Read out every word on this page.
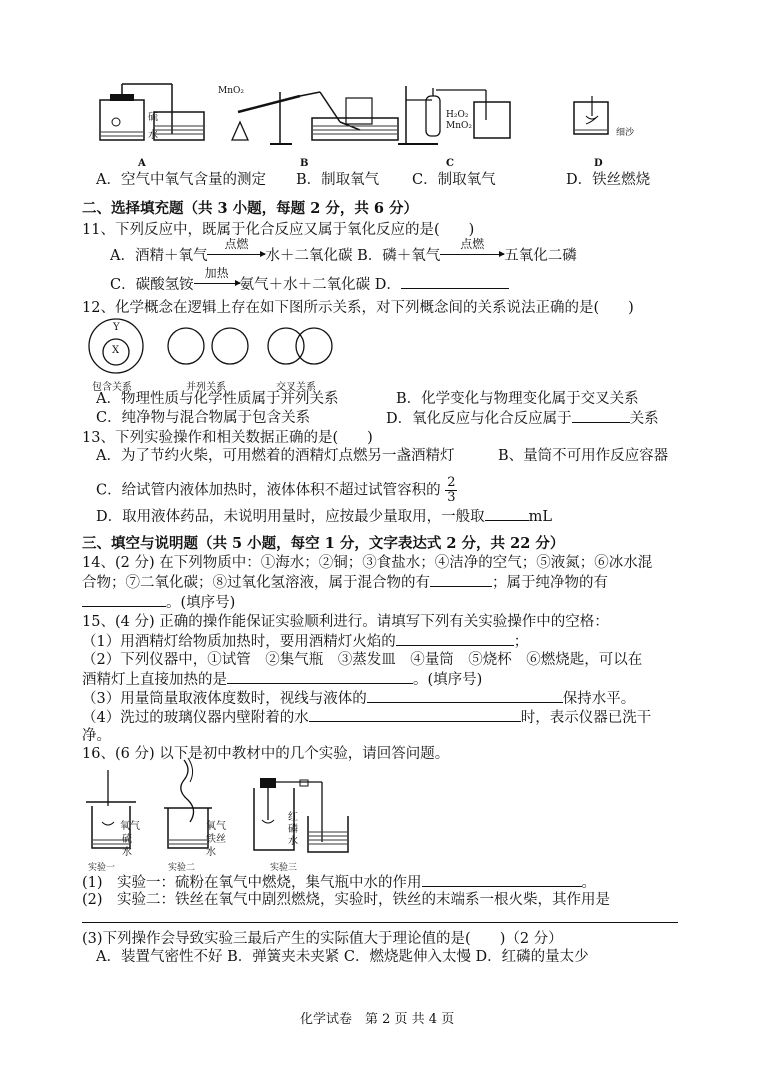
硫
水
MnO₂
H₂O₂
MnO₂
细沙
A	B	C	D
A．空气中氧气含量的测定 B．制取氧气 C．制取氧气	D．铁丝燃烧
二、选择填充题（共 3 小题，每题 2 分，共 6 分）
11、下列反应中，既属于化合反应又属于氧化反应的是(　　)
A．酒精＋氧气
点燃
水＋二氧化碳 B．磷＋氧气
点燃
五氧化二磷
C．碳酸氢铵
加热
氨气＋水＋二氧化碳 D．
12、化学概念在逻辑上存在如下图所示关系，对下列概念间的关系说法正确的是(　　)
Y
X
包含关系	并列关系	交叉关系
A．物理性质与化学性质属于并列关系	B．化学变化与物理变化属于交叉关系
C．纯净物与混合物属于包含关系	D．氧化反应与化合反应属于	关系
13、下列实验操作和相关数据正确的是(　　)
A．为了节约火柴，可用燃着的酒精灯点燃另一盏酒精灯	B、量筒不可用作反应容器
C．给试管内液体加热时，液体体积不超过试管容积的 $\frac{2}{3}$
D．取用液体药品，未说明用量时，应按最少量取用，一般取	mL
三、填空与说明题（共 5 小题，每空 1 分，文字表达式 2 分，共 22 分）
14、(2 分) 在下列物质中：①海水；②铜；③食盐水；④洁净的空气；⑤液氮；⑥冰水混
合物；⑦二氧化碳；⑧过氧化氢溶液，属于混合物的有	；属于纯净物的有
。(填序号)
15、(4 分) 正确的操作能保证实验顺利进行。请填写下列有关实验操作中的空格：
（1）用酒精灯给物质加热时，要用酒精灯火焰的	；
（2）下列仪器中，①试管　②集气瓶　③蒸发皿　④量筒　⑤烧杯　⑥燃烧匙，可以在
酒精灯上直接加热的是	。(填序号)
（3）用量筒量取液体度数时，视线与液体的	保持水平。
（4）洗过的玻璃仪器内壁附着的水	时，表示仪器已洗干
净。
16、(6 分) 以下是初中教材中的几个实验，请回答问题。
氧气
硫
水
氧气
铁丝
水
红
磷
水
实验一	实验二	实验三
(1)　实验一：硫粉在氧气中燃烧，集气瓶中水的作用	。
(2)　实验二：铁丝在氧气中剧烈燃烧，实验时，铁丝的末端系一根火柴，其作用是
(3)下列操作会导致实验三最后产生的实际值大于理论值的是(　　)（2 分）
A．装置气密性不好 B．弹簧夹未夹紧 C．燃烧匙伸入太慢 D．红磷的量太少
化学试卷　第 2 页 共 4 页
